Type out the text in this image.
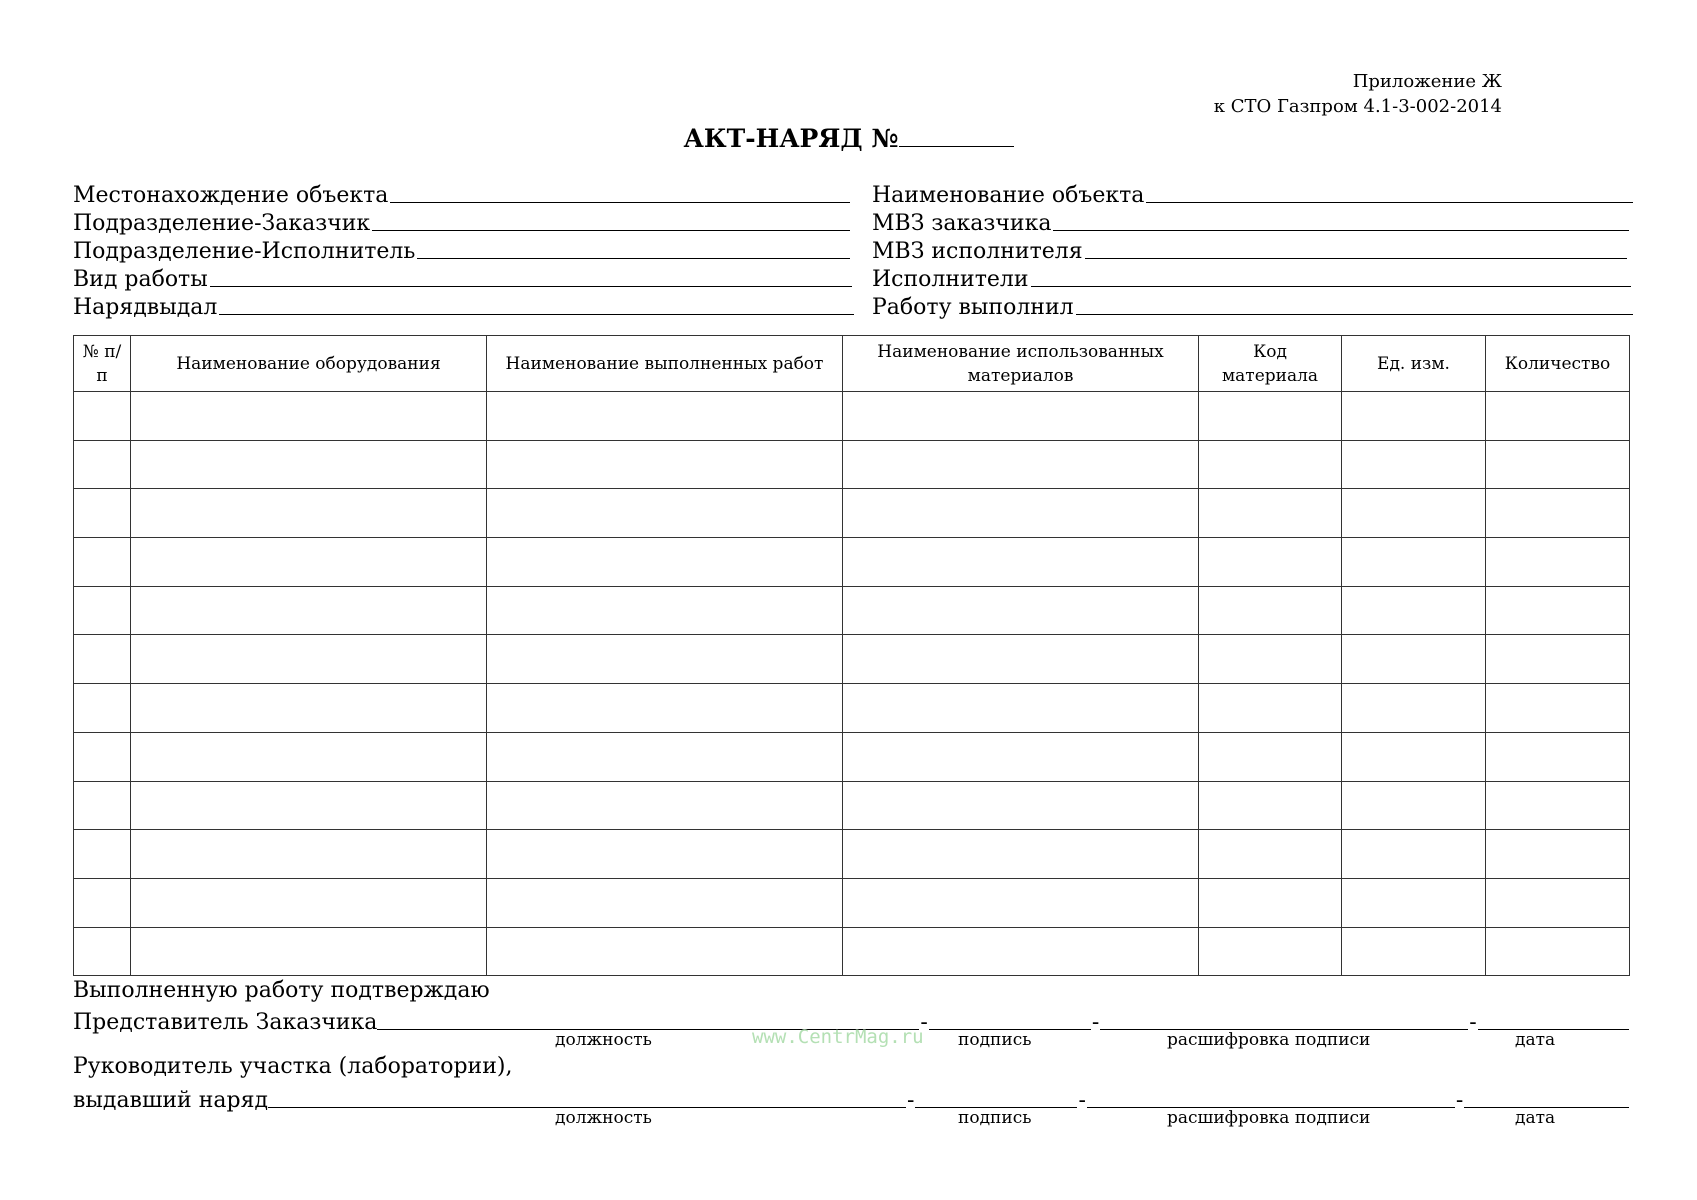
Приложение Ж
к СТО Газпром 4.1-3-002-2014
АКТ-НАРЯД №
Местонахождение объекта
Подразделение-Заказчик
Подразделение-Исполнитель
Вид работы
Нарядвыдал
Наименование объекта
МВЗ заказчика
МВЗ исполнителя
Исполнители
Работу выполнил
№ п/п	Наименование оборудования	Наименование выполненных работ	Наименование использованных материалов	Код материала	Ед. изм.	Количество

Выполненную работу подтверждаю
Представитель Заказчика	-	-	-
должность	www.CentrMag.ru подпись	расшифровка подписи	дата
Руководитель участка (лаборатории),
выдавший наряд	-	-	-
должность	подпись	расшифровка подписи	дата
